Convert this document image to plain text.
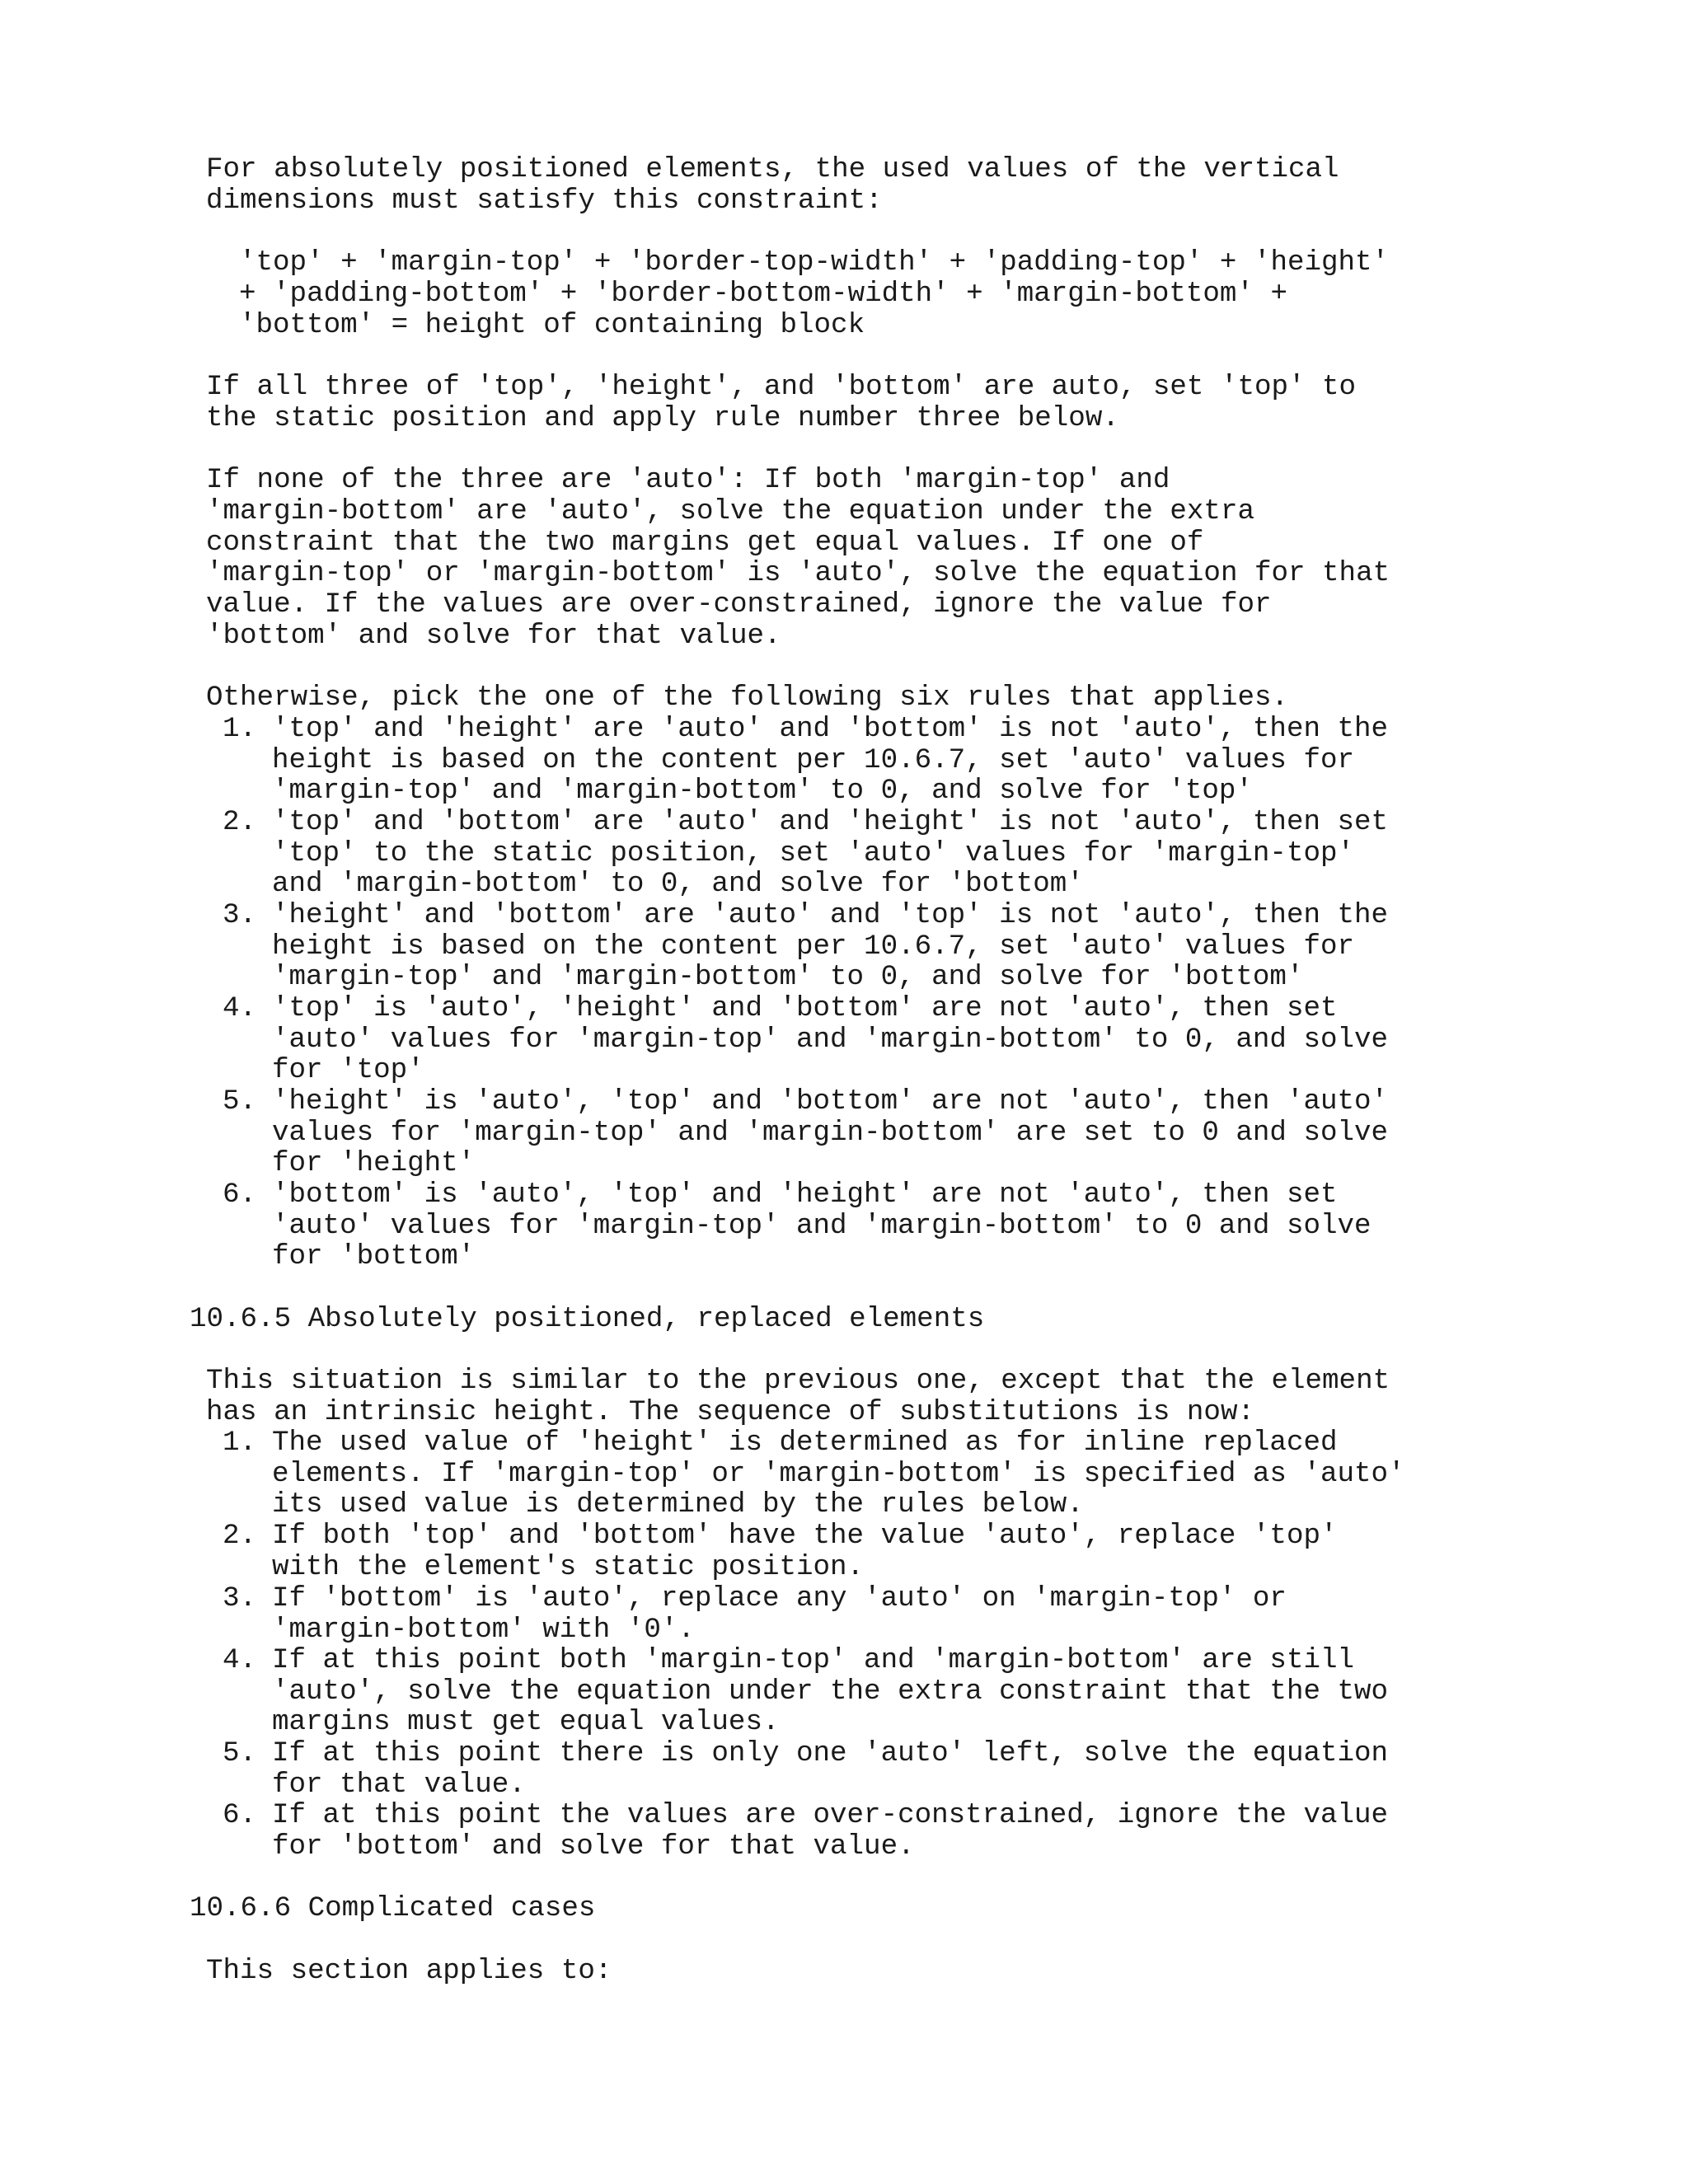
For absolutely positioned elements, the used values of the vertical
dimensions must satisfy this constraint:
'top' + 'margin-top' + 'border-top-width' + 'padding-top' + 'height'
+ 'padding-bottom' + 'border-bottom-width' + 'margin-bottom' +
'bottom' = height of containing block
If all three of 'top', 'height', and 'bottom' are auto, set 'top' to
the static position and apply rule number three below.
If none of the three are 'auto': If both 'margin-top' and
'margin-bottom' are 'auto', solve the equation under the extra
constraint that the two margins get equal values. If one of
'margin-top' or 'margin-bottom' is 'auto', solve the equation for that
value. If the values are over-constrained, ignore the value for
'bottom' and solve for that value.
Otherwise, pick the one of the following six rules that applies.
1. 'top' and 'height' are 'auto' and 'bottom' is not 'auto', then the
height is based on the content per 10.6.7, set 'auto' values for
'margin-top' and 'margin-bottom' to 0, and solve for 'top'
2. 'top' and 'bottom' are 'auto' and 'height' is not 'auto', then set
'top' to the static position, set 'auto' values for 'margin-top'
and 'margin-bottom' to 0, and solve for 'bottom'
3. 'height' and 'bottom' are 'auto' and 'top' is not 'auto', then the
height is based on the content per 10.6.7, set 'auto' values for
'margin-top' and 'margin-bottom' to 0, and solve for 'bottom'
4. 'top' is 'auto', 'height' and 'bottom' are not 'auto', then set
'auto' values for 'margin-top' and 'margin-bottom' to 0, and solve
for 'top'
5. 'height' is 'auto', 'top' and 'bottom' are not 'auto', then 'auto'
values for 'margin-top' and 'margin-bottom' are set to 0 and solve
for 'height'
6. 'bottom' is 'auto', 'top' and 'height' are not 'auto', then set
'auto' values for 'margin-top' and 'margin-bottom' to 0 and solve
for 'bottom'
10.6.5 Absolutely positioned, replaced elements
This situation is similar to the previous one, except that the element
has an intrinsic height. The sequence of substitutions is now:
1. The used value of 'height' is determined as for inline replaced
elements. If 'margin-top' or 'margin-bottom' is specified as 'auto'
its used value is determined by the rules below.
2. If both 'top' and 'bottom' have the value 'auto', replace 'top'
with the element's static position.
3. If 'bottom' is 'auto', replace any 'auto' on 'margin-top' or
'margin-bottom' with '0'.
4. If at this point both 'margin-top' and 'margin-bottom' are still
'auto', solve the equation under the extra constraint that the two
margins must get equal values.
5. If at this point there is only one 'auto' left, solve the equation
for that value.
6. If at this point the values are over-constrained, ignore the value
for 'bottom' and solve for that value.
10.6.6 Complicated cases
This section applies to:
